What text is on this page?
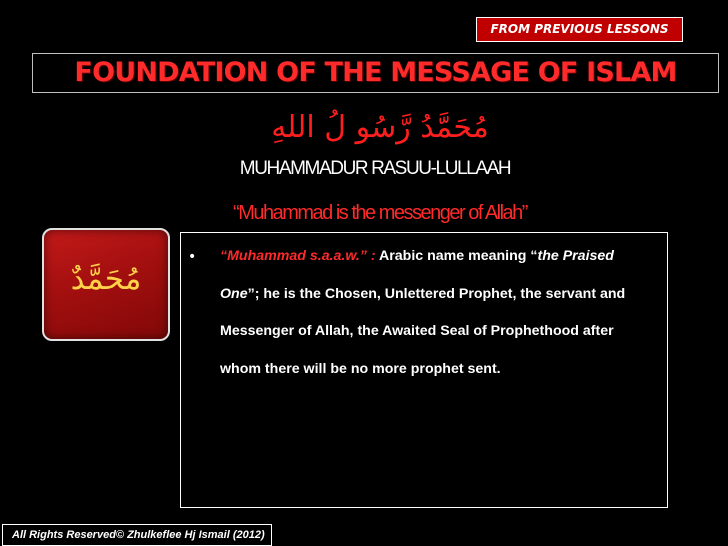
FROM PREVIOUS LESSONS
FOUNDATION OF THE MESSAGE OF ISLAM
مُحَمَّدُ رَّسُو لُ اللهِ
MUHAMMADUR RASUU-LULLAAH
“Muhammad is the messenger of Allah”
مُحَمَّدٌ
• “Muhammad s.a.a.w.” : Arabic name meaning “the Praised One”; he is the Chosen, Unlettered Prophet, the servant and Messenger of Allah, the Awaited Seal of Prophethood after whom there will be no more prophet sent.
All Rights Reserved© Zhulkeflee Hj Ismail (2012)
